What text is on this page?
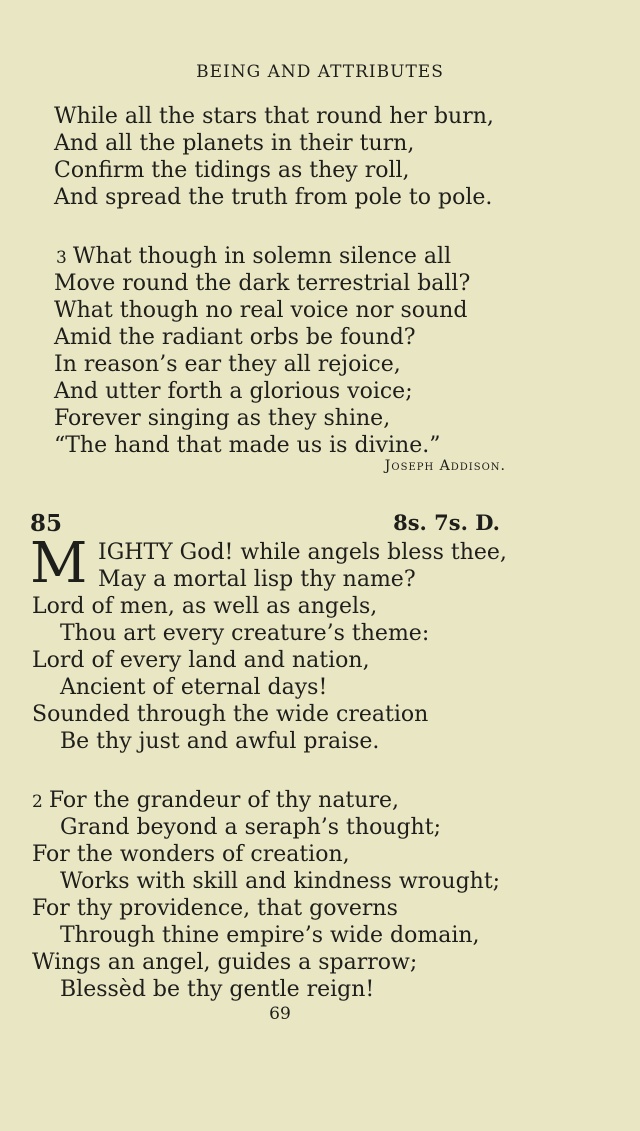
BEING AND ATTRIBUTES
While all the stars that round her burn,
And all the planets in their turn,
Confirm the tidings as they roll,
And spread the truth from pole to pole.
3 What though in solemn silence all
Move round the dark terrestrial ball?
What though no real voice nor sound
Amid the radiant orbs be found?
In reason’s ear they all rejoice,
And utter forth a glorious voice;
Forever singing as they shine,
“The hand that made us is divine.”
Joseph Addison.
85	8s. 7s. D.
M IGHTY God! while angels bless thee,
May a mortal lisp thy name?
Lord of men, as well as angels,
Thou art every creature’s theme:
Lord of every land and nation,
Ancient of eternal days!
Sounded through the wide creation
Be thy just and awful praise.
2 For the grandeur of thy nature,
Grand beyond a seraph’s thought;
For the wonders of creation,
Works with skill and kindness wrought;
For thy providence, that governs
Through thine empire’s wide domain,
Wings an angel, guides a sparrow;
Blessèd be thy gentle reign!
69
